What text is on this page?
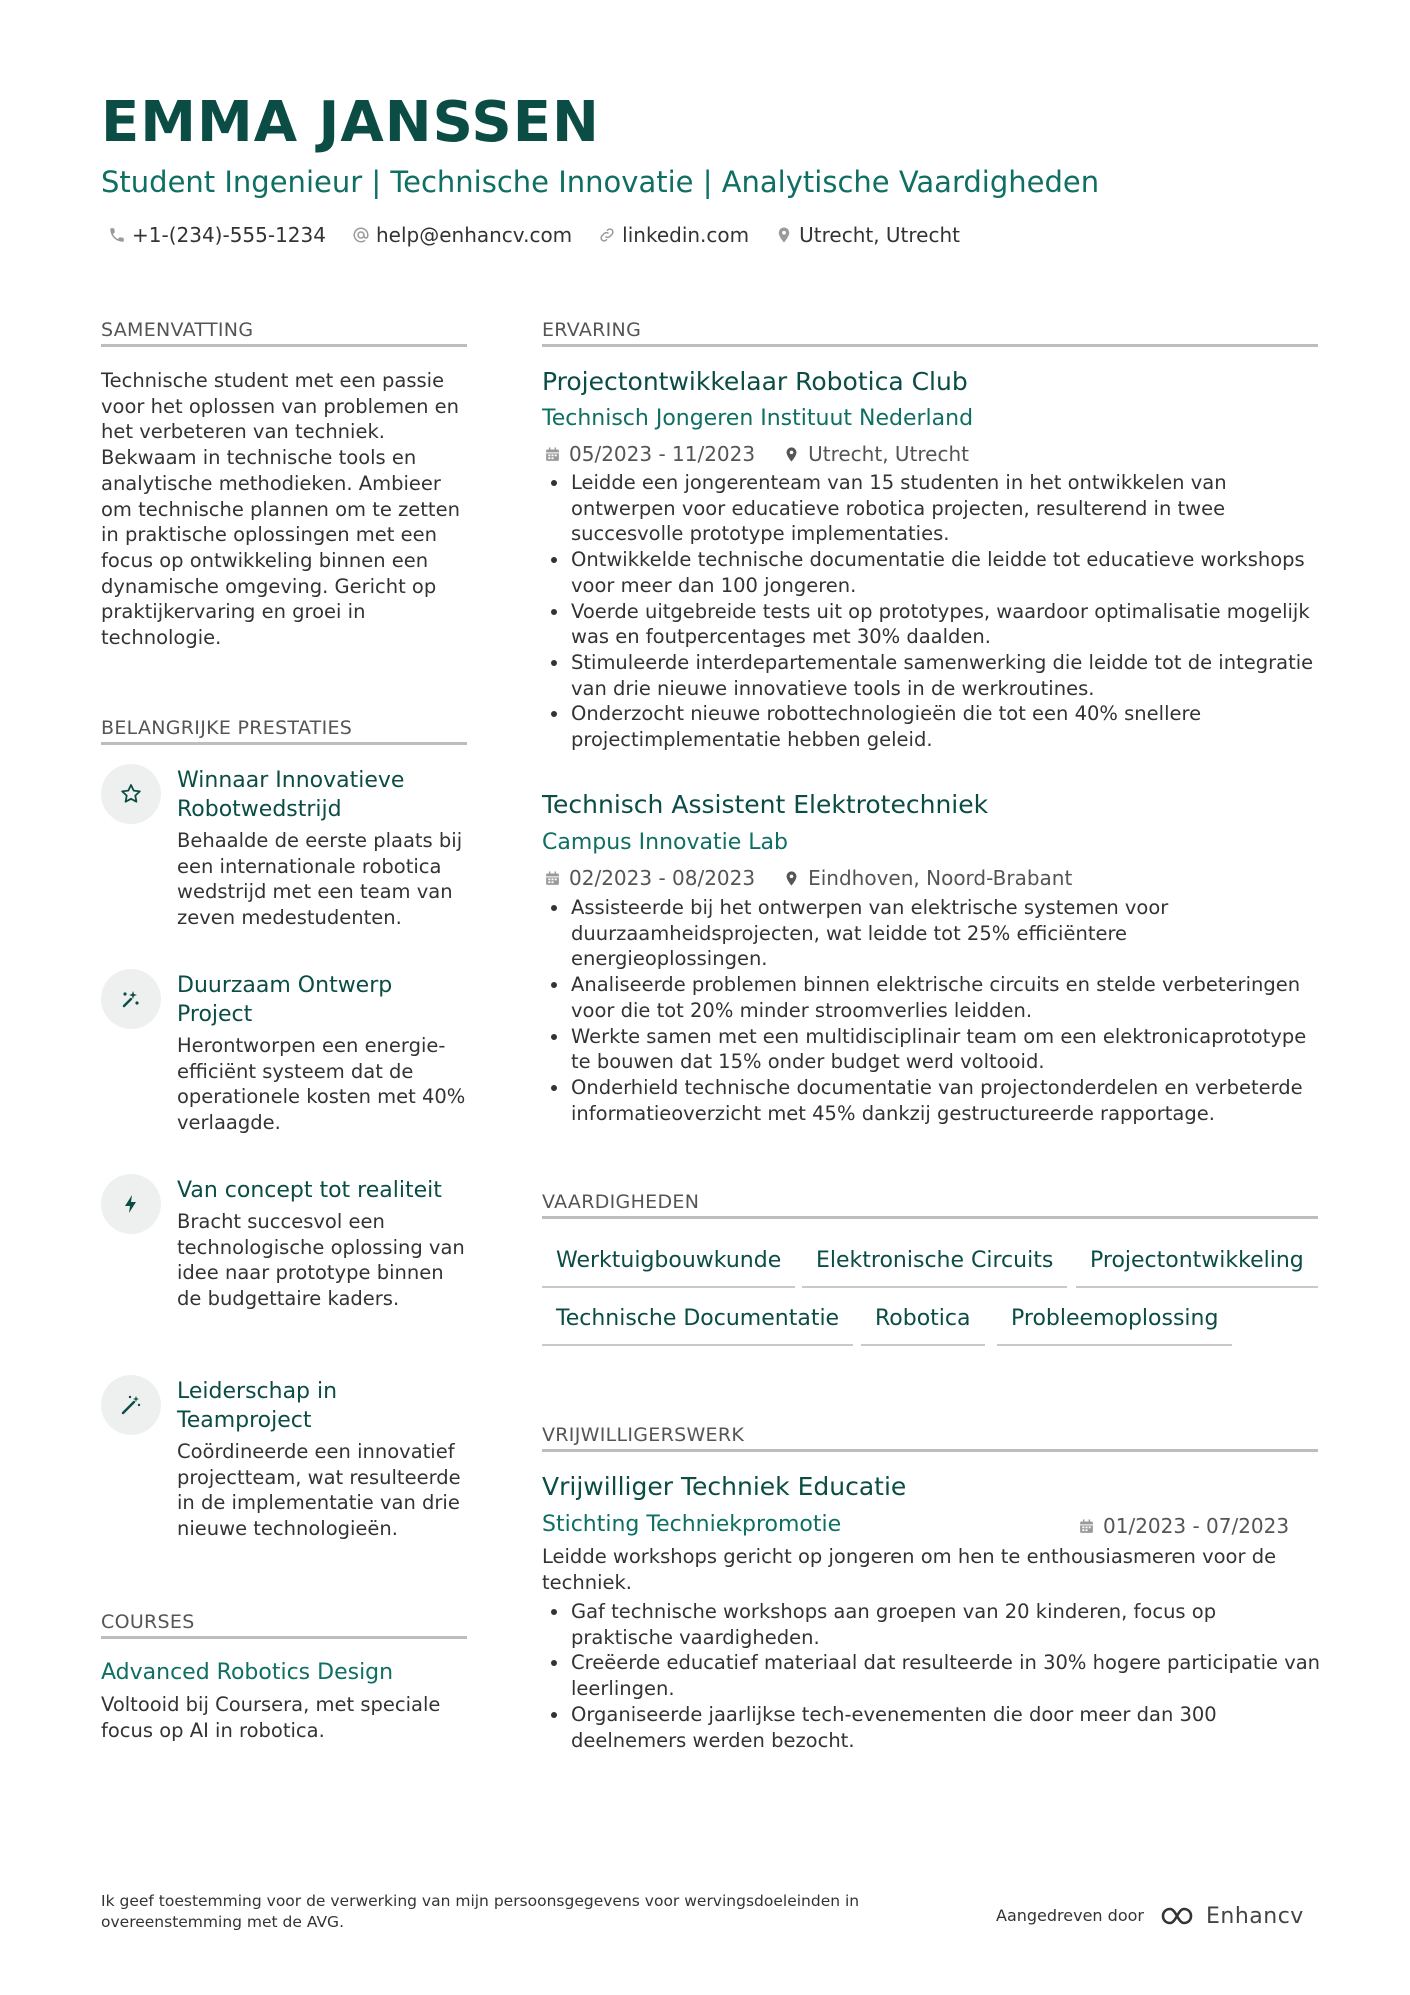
EMMA JANSSEN
Student Ingenieur | Technische Innovatie | Analytische Vaardigheden
+1-(234)-555-1234	help@enhancv.com	linkedin.com	Utrecht, Utrecht
SAMENVATTING
Technische student met een passie voor het oplossen van problemen en het verbeteren van techniek. Bekwaam in technische tools en analytische methodieken. Ambieer om technische plannen om te zetten in praktische oplossingen met een focus op ontwikkeling binnen een dynamische omgeving. Gericht op praktijkervaring en groei in technologie.
BELANGRIJKE PRESTATIES
Winnaar Innovatieve Robotwedstrijd
Behaalde de eerste plaats bij een internationale robotica wedstrijd met een team van zeven medestudenten.
Duurzaam Ontwerp Project
Herontworpen een energie-efficiënt systeem dat de operationele kosten met 40% verlaagde.
Van concept tot realiteit
Bracht succesvol een technologische oplossing van idee naar prototype binnen de budgettaire kaders.
Leiderschap in Teamproject
Coördineerde een innovatief projectteam, wat resulteerde in de implementatie van drie nieuwe technologieën.
COURSES
Advanced Robotics Design
Voltooid bij Coursera, met speciale focus op AI in robotica.
ERVARING
Projectontwikkelaar Robotica Club
Technisch Jongeren Instituut Nederland
05/2023 - 11/2023	Utrecht, Utrecht
Leidde een jongerenteam van 15 studenten in het ontwikkelen van ontwerpen voor educatieve robotica projecten, resulterend in twee succesvolle prototype implementaties.
Ontwikkelde technische documentatie die leidde tot educatieve workshops voor meer dan 100 jongeren.
Voerde uitgebreide tests uit op prototypes, waardoor optimalisatie mogelijk was en foutpercentages met 30% daalden.
Stimuleerde interdepartementale samenwerking die leidde tot de integratie van drie nieuwe innovatieve tools in de werkroutines.
Onderzocht nieuwe robottechnologieën die tot een 40% snellere projectimplementatie hebben geleid.
Technisch Assistent Elektrotechniek
Campus Innovatie Lab
02/2023 - 08/2023	Eindhoven, Noord-Brabant
Assisteerde bij het ontwerpen van elektrische systemen voor duurzaamheidsprojecten, wat leidde tot 25% efficiëntere energieoplossingen.
Analiseerde problemen binnen elektrische circuits en stelde verbeteringen voor die tot 20% minder stroomverlies leidden.
Werkte samen met een multidisciplinair team om een elektronicaprototype te bouwen dat 15% onder budget werd voltooid.
Onderhield technische documentatie van projectonderdelen en verbeterde informatieoverzicht met 45% dankzij gestructureerde rapportage.
VAARDIGHEDEN
Werktuigbouwkunde	Elektronische Circuits	Projectontwikkeling
Technische Documentatie	Robotica	Probleemoplossing
VRIJWILLIGERSWERK
Vrijwilliger Techniek Educatie
Stichting Techniekpromotie	01/2023 - 07/2023
Leidde workshops gericht op jongeren om hen te enthousiasmeren voor de techniek.
Gaf technische workshops aan groepen van 20 kinderen, focus op praktische vaardigheden.
Creëerde educatief materiaal dat resulteerde in 30% hogere participatie van leerlingen.
Organiseerde jaarlijkse tech-evenementen die door meer dan 300 deelnemers werden bezocht.
Ik geef toestemming voor de verwerking van mijn persoonsgegevens voor wervingsdoeleinden in overeenstemming met de AVG.	Aangedreven door	Enhancv
